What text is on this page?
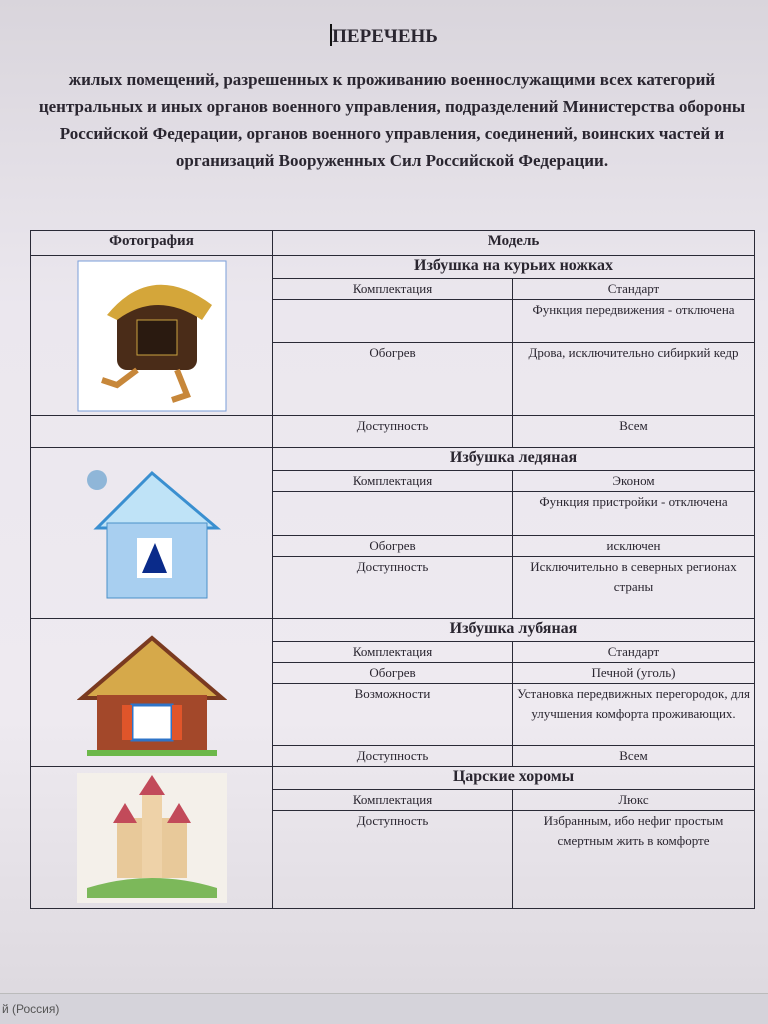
ПЕРЕЧЕНЬ
жилых помещений, разрешенных к проживанию военнослужащими всех категорий центральных и иных органов военного управления, подразделений Министерства обороны Российской Федерации, органов военного управления, соединений, воинских частей и организаций Вооруженных Сил Российской Федерации.
Фотография	Модель	

	Избушка на курьих ножках	
	Комплектация	Стандарт
		Функция передвижения - отключена
	Обогрев	Дрова, исключительно сибиркий кедр
	Доступность	Всем

	Избушка ледяная	
	Комплектация	Эконом
		Функция пристройки - отключена
	Обогрев	исключен
	Доступность	Исключительно в северных регионах страны

	Избушка лубяная	
	Комплектация	Стандарт
	Обогрев	Печной (уголь)
	Возможности	Установка передвижных перегородок, для улучшения комфорта проживающих.
	Доступность	Всем

	Царские хоромы	
	Комплектация	Люкс
	Доступность	Избранным, ибо нефиг простым смертным жить в комфорте
й (Россия)
